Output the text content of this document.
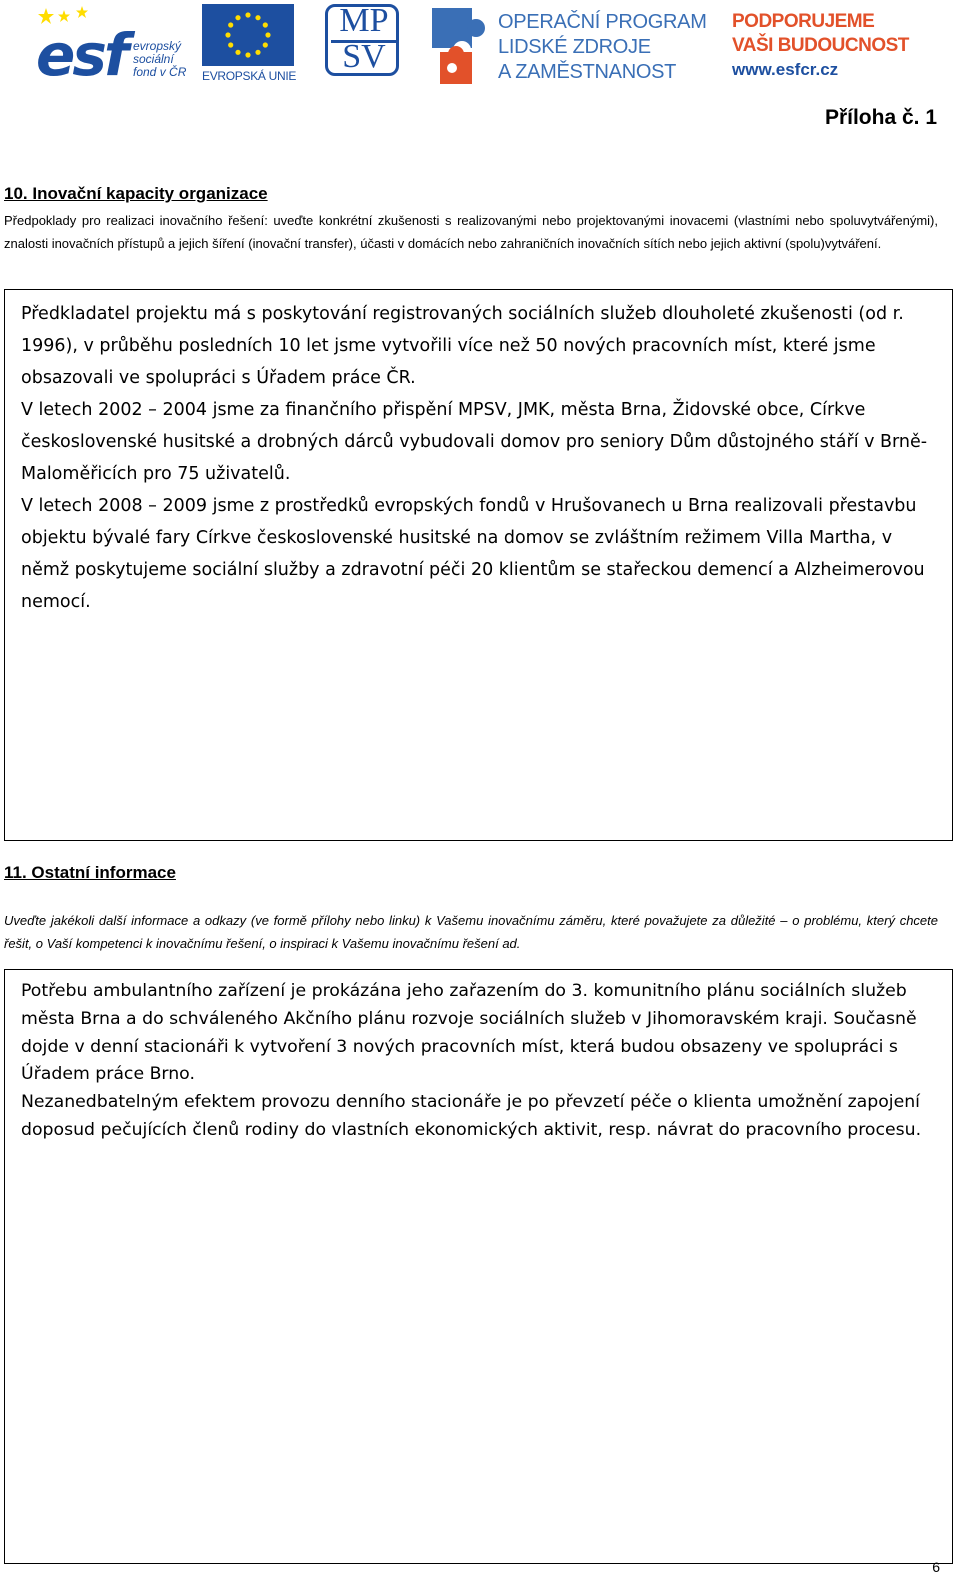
esf evropský
sociální
fond v ČR EVROPSKÁ UNIE
MP
SV
OPERAČNÍ PROGRAM
LIDSKÉ ZDROJE
A ZAMĚSTNANOST
PODPORUJEME
VAŠI BUDOUCNOST
www.esfcr.cz
Příloha č. 1
10. Inovační kapacity organizace
Předpoklady pro realizaci inovačního řešení: uveďte konkrétní zkušenosti s realizovanými nebo projektovanými inovacemi (vlastními nebo spoluvytvářenými), znalosti inovačních přístupů a jejich šíření (inovační transfer), účasti v domácích nebo zahraničních inovačních sítích nebo jejich aktivní (spolu)vytváření.

Předkladatel projektu má s poskytování registrovaných sociálních služeb dlouholeté zkušenosti (od r. 1996), v průběhu posledních 10 let jsme vytvořili více než 50 nových pracovních míst, které jsme obsazovali ve spolupráci s Úřadem práce ČR.

V letech 2002 – 2004 jsme za finančního přispění MPSV, JMK, města Brna, Židovské obce, Církve československé husitské a drobných dárců vybudovali domov pro seniory Dům důstojného stáří v Brně-Maloměřicích pro 75 uživatelů.

V letech 2008 – 2009 jsme z prostředků evropských fondů v Hrušovanech u Brna realizovali přestavbu objektu bývalé fary Církve československé husitské na domov se zvláštním režimem Villa Martha, v němž poskytujeme sociální služby a zdravotní péči 20 klientům se stařeckou demencí a Alzheimerovou nemocí.

11. Ostatní informace
Uveďte jakékoli další informace a odkazy (ve formě přílohy nebo linku) k Vašemu inovačnímu záměru, které považujete za důležité – o problému, který chcete řešit, o Vaší kompetenci k inovačnímu řešení, o inspiraci k Vašemu inovačnímu řešení ad.

Potřebu ambulantního zařízení je prokázána jeho zařazením do 3. komunitního plánu sociálních služeb města Brna a do schváleného Akčního plánu rozvoje sociálních služeb v Jihomoravském kraji. Současně dojde v denní stacionáři k vytvoření 3 nových pracovních míst, která budou obsazeny ve spolupráci s Úřadem práce Brno.

Nezanedbatelným efektem provozu denního stacionáře je po převzetí péče o klienta umožnění zapojení doposud pečujících členů rodiny do vlastních ekonomických aktivit, resp. návrat do pracovního procesu.

6
